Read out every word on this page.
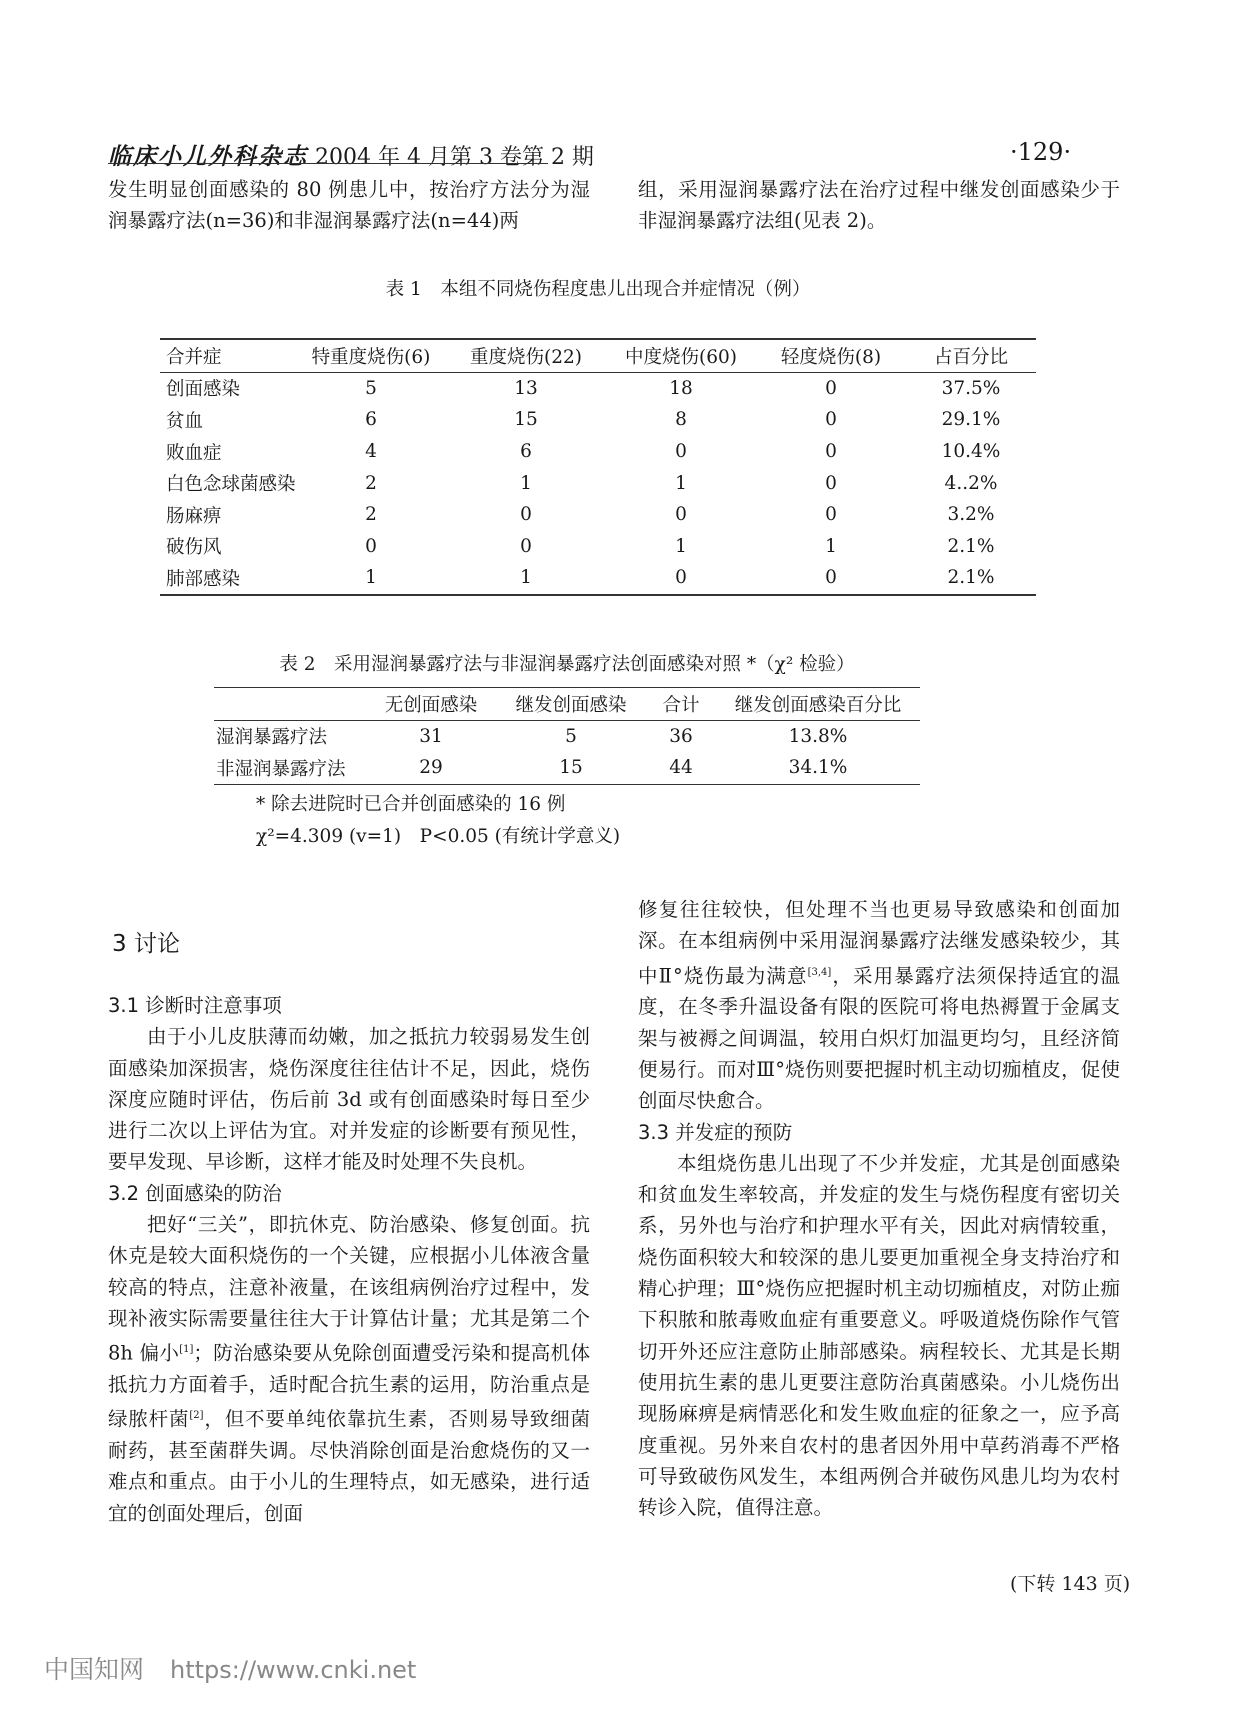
临床小儿外科杂志 2004 年 4 月第 3 卷第 2 期	·129·

发生明显创面感染的 80 例患儿中，按治疗方法分为湿润暴露疗法(n=36)和非湿润暴露疗法(n=44)两

组，采用湿润暴露疗法在治疗过程中继发创面感染少于非湿润暴露疗法组(见表 2)。

表 1　本组不同烧伤程度患儿出现合并症情况（例）
合并症	特重度烧伤(6)	重度烧伤(22)	中度烧伤(60)	轻度烧伤(8)	占百分比
创面感染	5	13	18	0	37.5%
贫血	6	15	8	0	29.1%
败血症	4	6	0	0	10.4%
白色念球菌感染	2	1	1	0	4..2%
肠麻痹	2	0	0	0	3.2%
破伤风	0	0	1	1	2.1%
肺部感染	1	1	0	0	2.1%
表 2　采用湿润暴露疗法与非湿润暴露疗法创面感染对照 *（χ² 检验）
	无创面感染	继发创面感染	合计	继发创面感染百分比
湿润暴露疗法	31	5	36	13.8%
非湿润暴露疗法	29	15	44	34.1%
* 除去进院时已合并创面感染的 16 例
χ²=4.309 (v=1)　P<0.05 (有统计学意义)
3 讨论

3.1 诊断时注意事项

由于小儿皮肤薄而幼嫩，加之抵抗力较弱易发生创面感染加深损害，烧伤深度往往估计不足，因此，烧伤深度应随时评估，伤后前 3d 或有创面感染时每日至少进行二次以上评估为宜。对并发症的诊断要有预见性，要早发现、早诊断，这样才能及时处理不失良机。

3.2 创面感染的防治

把好“三关”，即抗休克、防治感染、修复创面。抗休克是较大面积烧伤的一个关键，应根据小儿体液含量较高的特点，注意补液量，在该组病例治疗过程中，发现补液实际需要量往往大于计算估计量；尤其是第二个 8h 偏小[1]；防治感染要从免除创面遭受污染和提高机体抵抗力方面着手，适时配合抗生素的运用，防治重点是绿脓杆菌[2]，但不要单纯依靠抗生素，否则易导致细菌耐药，甚至菌群失调。尽快消除创面是治愈烧伤的又一难点和重点。由于小儿的生理特点，如无感染，进行适宜的创面处理后，创面

修复往往较快，但处理不当也更易导致感染和创面加深。在本组病例中采用湿润暴露疗法继发感染较少，其中Ⅱ°烧伤最为满意[3,4]，采用暴露疗法须保持适宜的温度，在冬季升温设备有限的医院可将电热褥置于金属支架与被褥之间调温，较用白炽灯加温更均匀，且经济简便易行。而对Ⅲ°烧伤则要把握时机主动切痂植皮，促使创面尽快愈合。

3.3 并发症的预防

本组烧伤患儿出现了不少并发症，尤其是创面感染和贫血发生率较高，并发症的发生与烧伤程度有密切关系，另外也与治疗和护理水平有关，因此对病情较重，烧伤面积较大和较深的患儿要更加重视全身支持治疗和精心护理；Ⅲ°烧伤应把握时机主动切痂植皮，对防止痂下积脓和脓毒败血症有重要意义。呼吸道烧伤除作气管切开外还应注意防止肺部感染。病程较长、尤其是长期使用抗生素的患儿更要注意防治真菌感染。小儿烧伤出现肠麻痹是病情恶化和发生败血症的征象之一，应予高度重视。另外来自农村的患者因外用中草药消毒不严格可导致破伤风发生，本组两例合并破伤风患儿均为农村转诊入院，值得注意。

(下转 143 页)
中国知网 https://www.cnki.net
